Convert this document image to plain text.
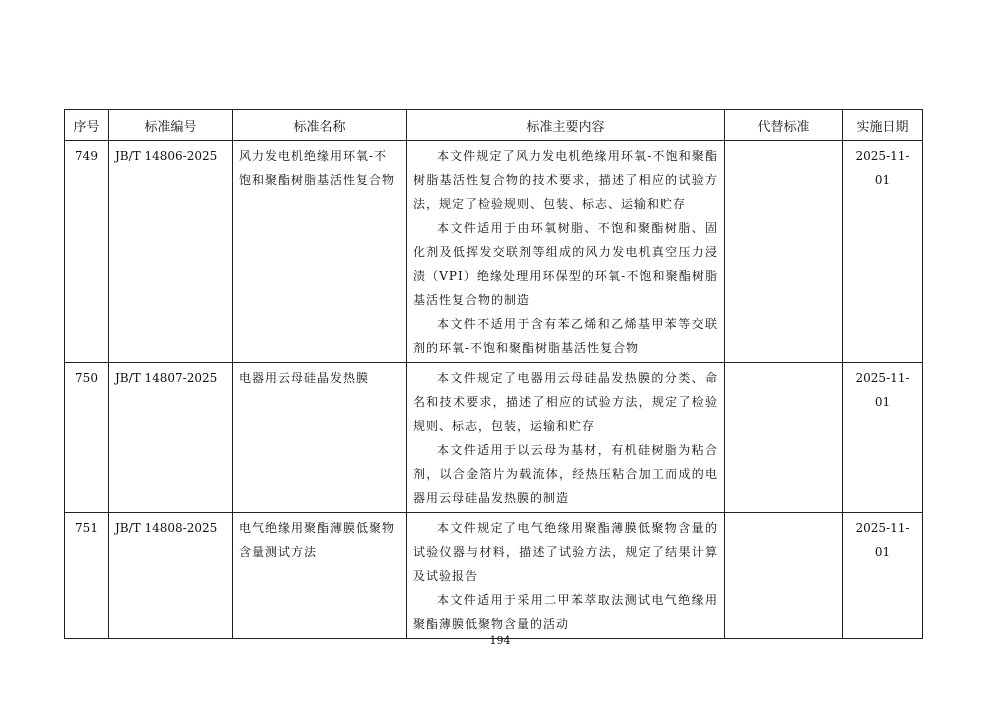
序号	标准编号	标准名称	标准主要内容	代替标准	实施日期
749	JB/T 14806-2025	风力发电机绝缘用环氧-不饱和聚酯树脂基活性复合物	本文件规定了风力发电机绝缘用环氧-不饱和聚酯树脂基活性复合物的技术要求，描述了相应的试验方法，规定了检验规则、包装、标志、运输和贮存

本文件适用于由环氧树脂、不饱和聚酯树脂、固化剂及低挥发交联剂等组成的风力发电机真空压力浸渍（VPI）绝缘处理用环保型的环氧-不饱和聚酯树脂基活性复合物的制造

本文件不适用于含有苯乙烯和乙烯基甲苯等交联剂的环氧-不饱和聚酯树脂基活性复合物		2025-11-01
750	JB/T 14807-2025	电器用云母硅晶发热膜	本文件规定了电器用云母硅晶发热膜的分类、命名和技术要求，描述了相应的试验方法，规定了检验规则、标志，包装，运输和贮存

本文件适用于以云母为基材，有机硅树脂为粘合剂，以合金箔片为载流体，经热压粘合加工而成的电器用云母硅晶发热膜的制造		2025-11-01
751	JB/T 14808-2025	电气绝缘用聚酯薄膜低聚物含量测试方法	本文件规定了电气绝缘用聚酯薄膜低聚物含量的试验仪器与材料，描述了试验方法，规定了结果计算及试验报告

本文件适用于采用二甲苯萃取法测试电气绝缘用聚酯薄膜低聚物含量的活动		2025-11-01
194
